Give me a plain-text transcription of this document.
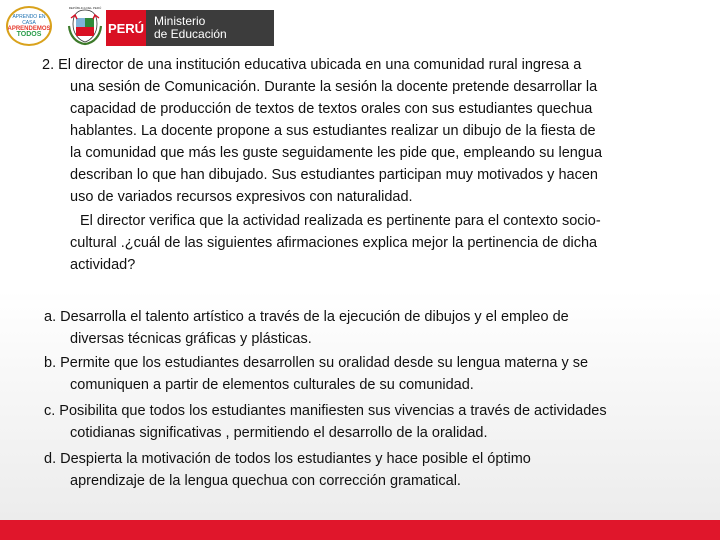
APRENDO EN CASA
APRENDEMOS
TODOS
REPÚBLICA DEL PERÚ
PERÚ Ministerio
de Educación
2. El director de una institución educativa ubicada en una comunidad rural ingresa a
una sesión de Comunicación. Durante la sesión la docente pretende desarrollar la
capacidad de producción de textos de textos orales con sus estudiantes quechua
hablantes. La docente propone a sus estudiantes realizar un dibujo de la fiesta de
la comunidad que más les guste seguidamente les pide que, empleando su lengua
describan lo que han dibujado. Sus estudiantes participan muy motivados y hacen
uso de variados recursos expresivos con naturalidad.
El director verifica que la actividad realizada es pertinente para el contexto socio-
cultural .¿cuál de las siguientes afirmaciones explica mejor la pertinencia de dicha
actividad?
a. Desarrolla el talento artístico a través de la ejecución de dibujos y el empleo de
diversas técnicas gráficas y plásticas.
b. Permite que los estudiantes desarrollen su oralidad desde su lengua materna y se
comuniquen a partir de elementos culturales de su comunidad.
c. Posibilita que todos los estudiantes manifiesten sus vivencias a través de actividades
cotidianas significativas , permitiendo el desarrollo de la oralidad.
d. Despierta la motivación de todos los estudiantes y hace posible el óptimo
aprendizaje de la lengua quechua con corrección gramatical.
